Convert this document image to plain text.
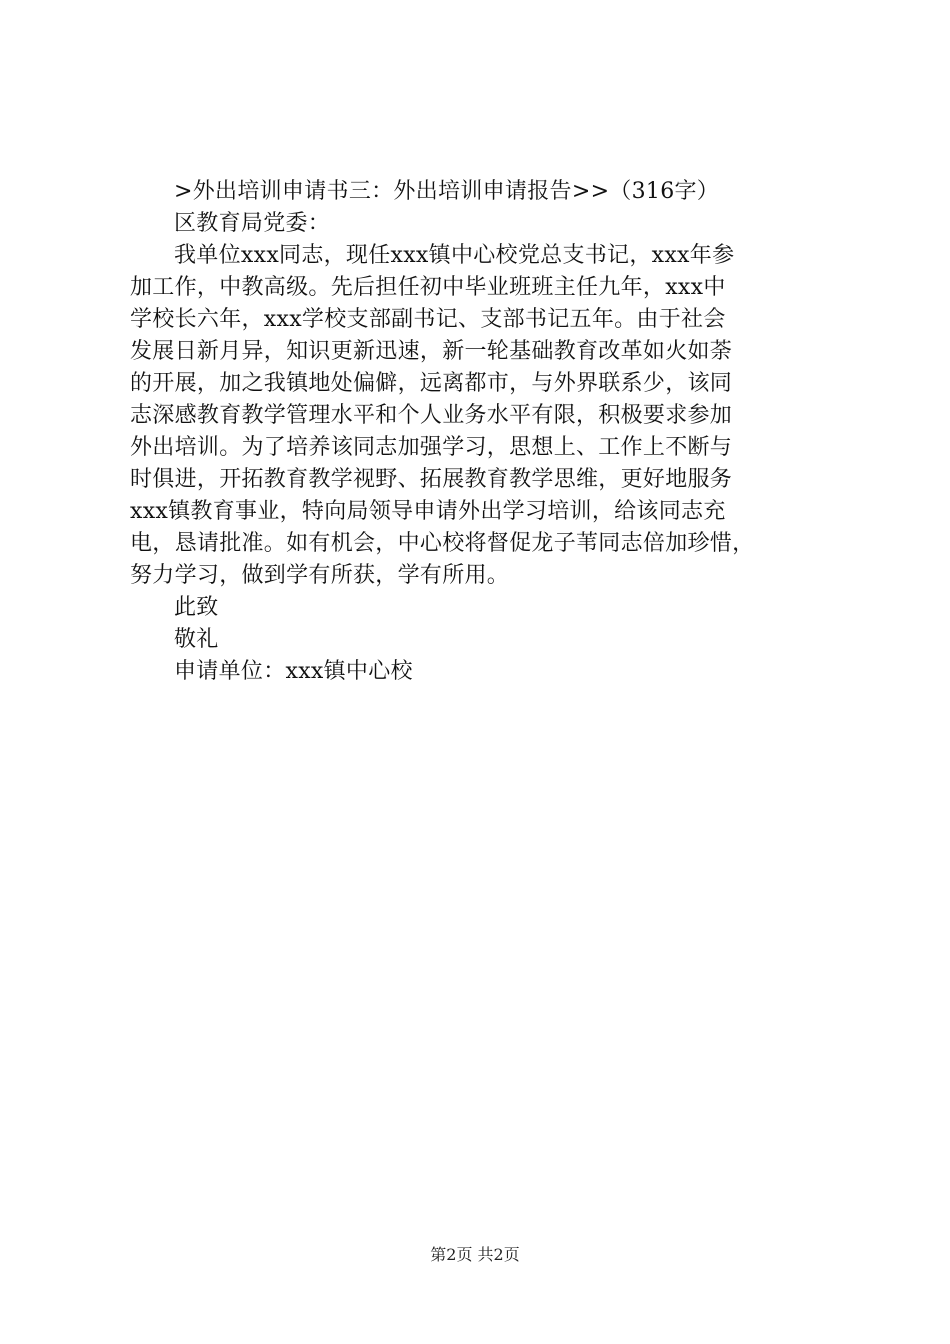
>外出培训申请书三：外出培训申请报告>>（316字）
区教育局党委：
我单位xxx同志，现任xxx镇中心校党总支书记，xxx年参
加工作，中教高级。先后担任初中毕业班班主任九年，xxx中
学校长六年，xxx学校支部副书记、支部书记五年。由于社会
发展日新月异，知识更新迅速，新一轮基础教育改革如火如荼
的开展，加之我镇地处偏僻，远离都市，与外界联系少，该同
志深感教育教学管理水平和个人业务水平有限，积极要求参加
外出培训。为了培养该同志加强学习，思想上、工作上不断与
时俱进，开拓教育教学视野、拓展教育教学思维，更好地服务
xxx镇教育事业，特向局领导申请外出学习培训，给该同志充
电，恳请批准。如有机会，中心校将督促龙子苇同志倍加珍惜，
努力学习，做到学有所获，学有所用。
此致
敬礼
申请单位：xxx镇中心校
第2页 共2页
